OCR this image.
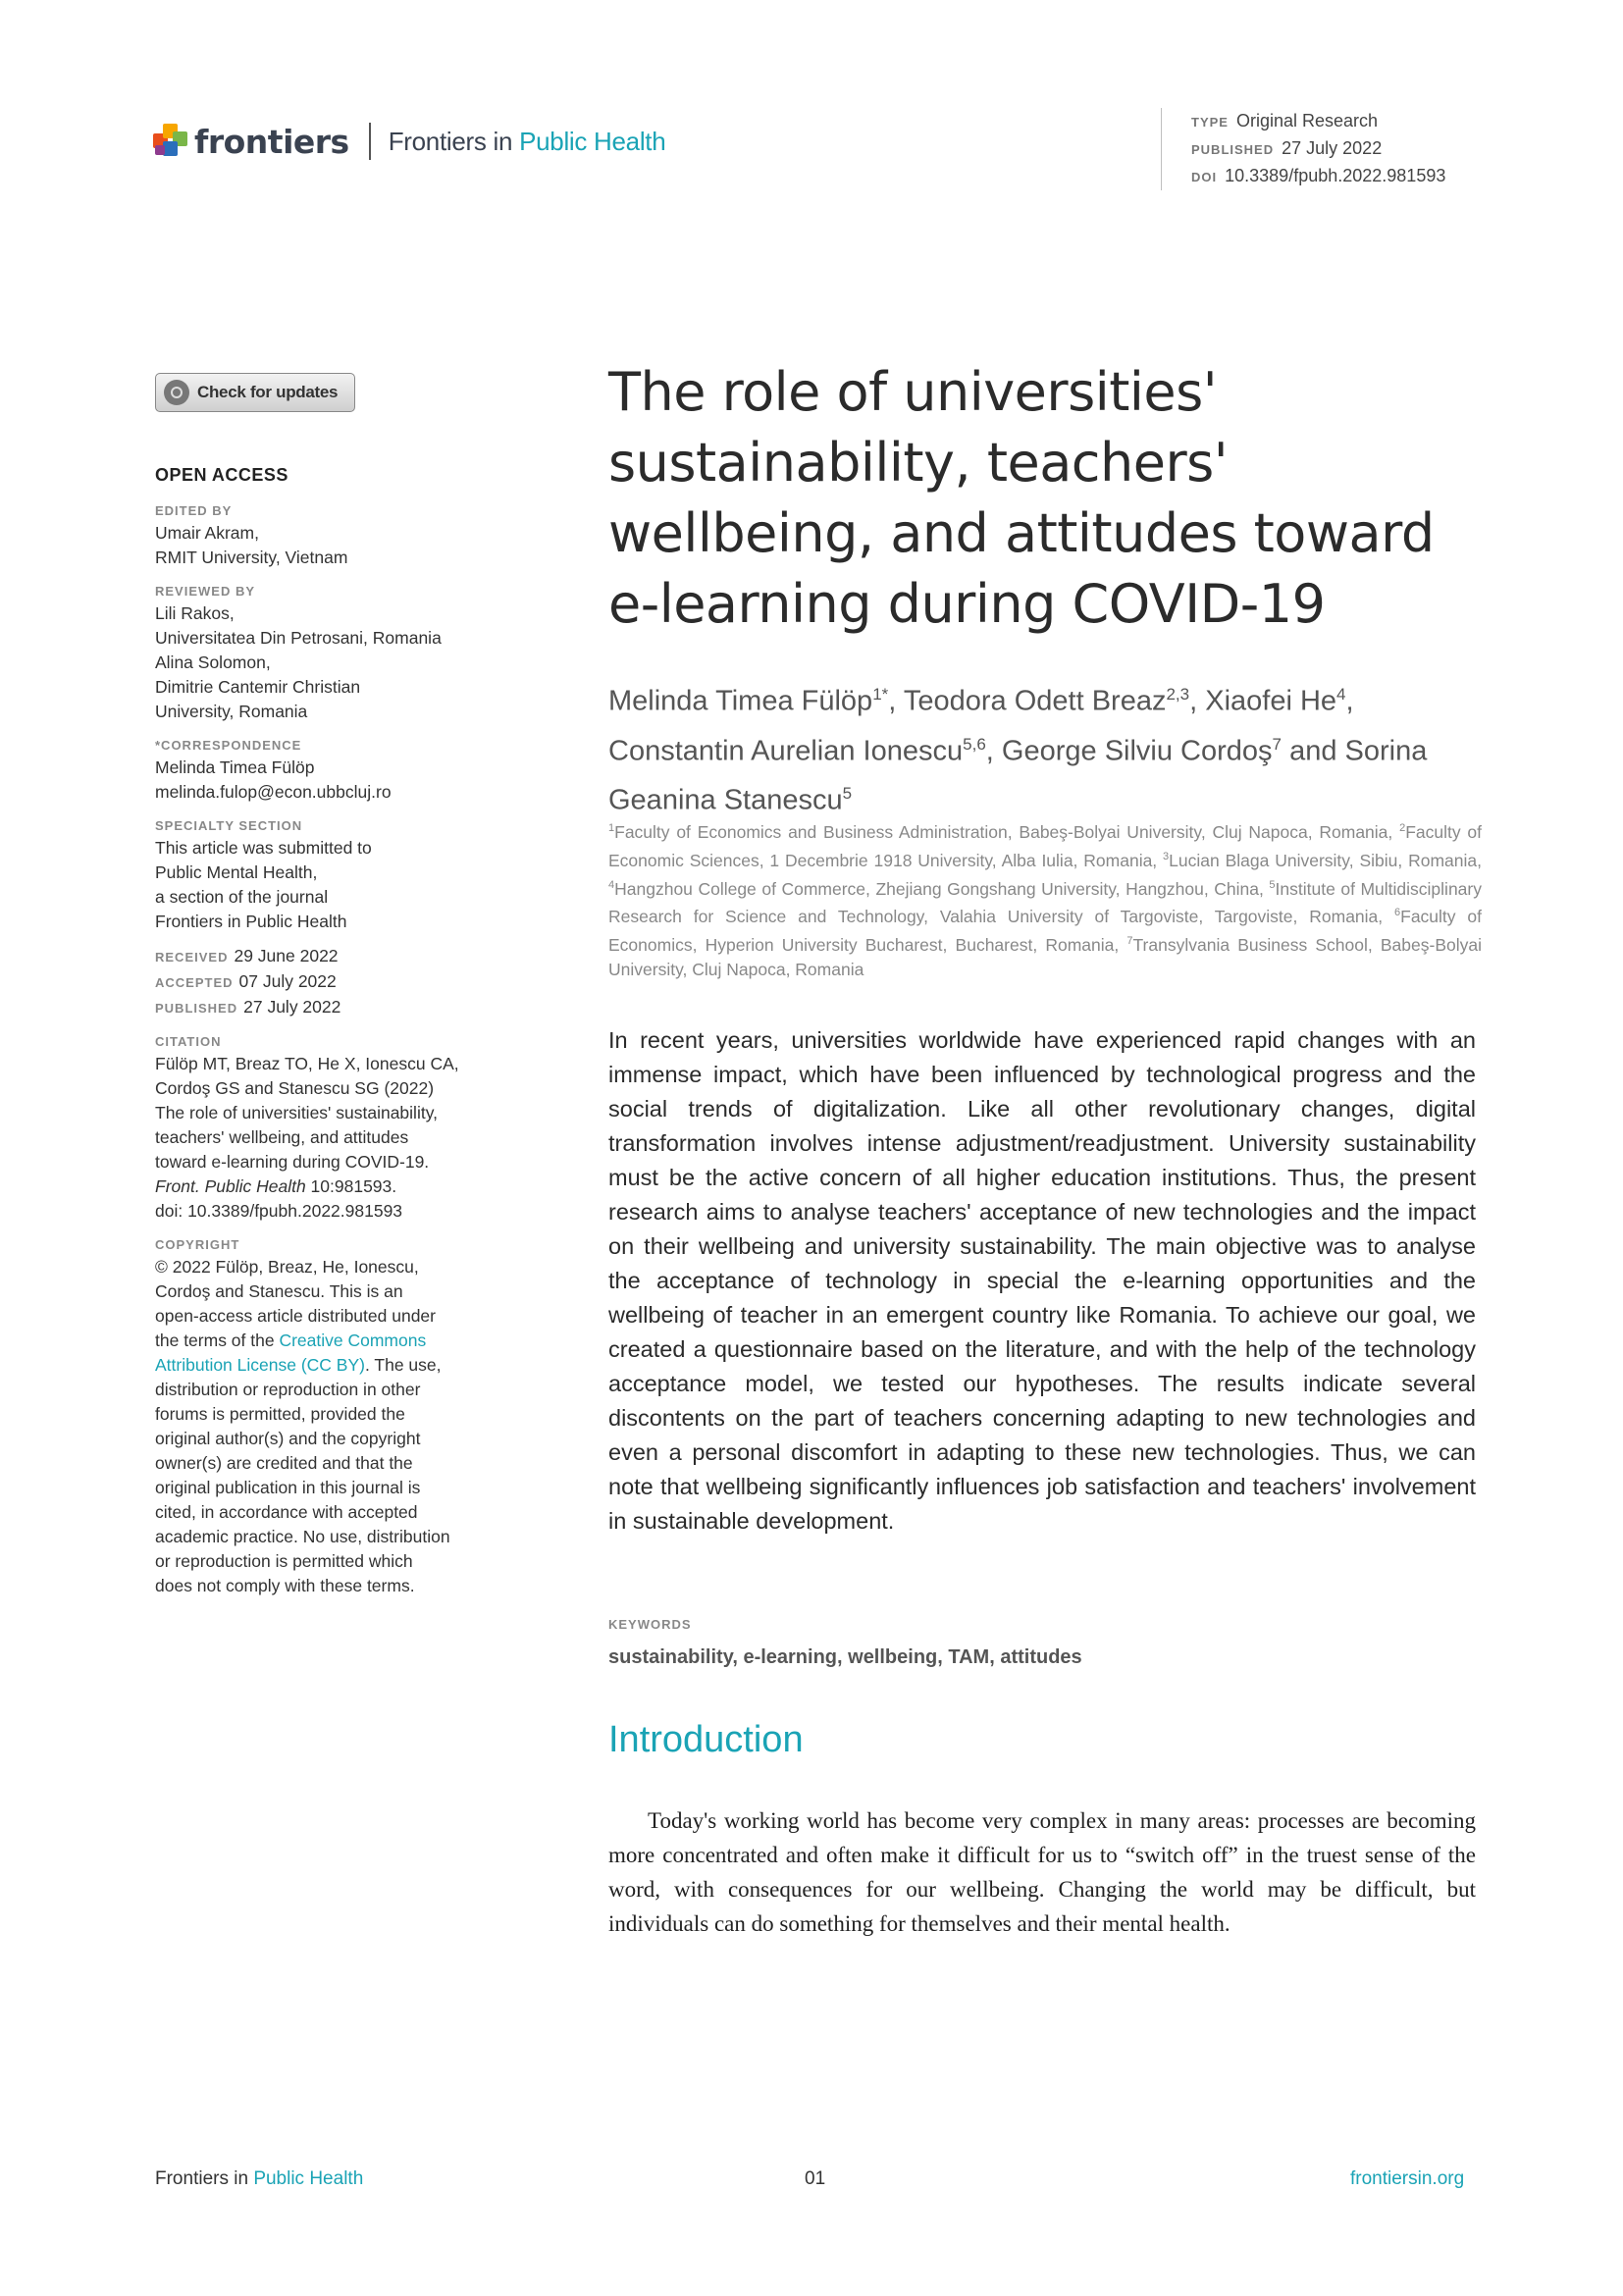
frontiers Frontiers in Public Health
TYPE Original Research
PUBLISHED 27 July 2022
DOI 10.3389/fpubh.2022.981593
Check for updates
OPEN ACCESS
EDITED BY
Umair Akram,
RMIT University, Vietnam
REVIEWED BY
Lili Rakos,
Universitatea Din Petrosani, Romania
Alina Solomon,
Dimitrie Cantemir Christian
University, Romania
*CORRESPONDENCE
Melinda Timea Fülöp
melinda.fulop@econ.ubbcluj.ro
SPECIALTY SECTION
This article was submitted to
Public Mental Health,
a section of the journal
Frontiers in Public Health
RECEIVED 29 June 2022
ACCEPTED 07 July 2022
PUBLISHED 27 July 2022
CITATION
Fülöp MT, Breaz TO, He X, Ionescu CA,
Cordoş GS and Stanescu SG (2022)
The role of universities' sustainability,
teachers' wellbeing, and attitudes
toward e-learning during COVID-19.
Front. Public Health 10:981593.
doi: 10.3389/fpubh.2022.981593
COPYRIGHT
© 2022 Fülöp, Breaz, He, Ionescu,
Cordoş and Stanescu. This is an
open-access article distributed under
the terms of the Creative Commons
Attribution License (CC BY). The use,
distribution or reproduction in other
forums is permitted, provided the
original author(s) and the copyright
owner(s) are credited and that the
original publication in this journal is
cited, in accordance with accepted
academic practice. No use, distribution
or reproduction is permitted which
does not comply with these terms.
The role of universities' sustainability, teachers' wellbeing, and attitudes toward e-learning during COVID-19
Melinda Timea Fülöp$^{1*}$, Teodora Odett Breaz$^{2,3}$, Xiaofei He$^4$, Constantin Aurelian Ionescu$^{5,6}$, George Silviu Cordoş$^7$ and Sorina Geanina Stanescu$^5$
$^1$Faculty of Economics and Business Administration, Babeş-Bolyai University, Cluj Napoca, Romania, $^2$Faculty of Economic Sciences, 1 Decembrie 1918 University, Alba Iulia, Romania, $^3$Lucian Blaga University, Sibiu, Romania, $^4$Hangzhou College of Commerce, Zhejiang Gongshang University, Hangzhou, China, $^5$Institute of Multidisciplinary Research for Science and Technology, Valahia University of Targoviste, Targoviste, Romania, $^6$Faculty of Economics, Hyperion University Bucharest, Bucharest, Romania, $^7$Transylvania Business School, Babeş-Bolyai University, Cluj Napoca, Romania
In recent years, universities worldwide have experienced rapid changes with an immense impact, which have been influenced by technological progress and the social trends of digitalization. Like all other revolutionary changes, digital transformation involves intense adjustment/readjustment. University sustainability must be the active concern of all higher education institutions. Thus, the present research aims to analyse teachers' acceptance of new technologies and the impact on their wellbeing and university sustainability. The main objective was to analyse the acceptance of technology in special the e-learning opportunities and the wellbeing of teacher in an emergent country like Romania. To achieve our goal, we created a questionnaire based on the literature, and with the help of the technology acceptance model, we tested our hypotheses. The results indicate several discontents on the part of teachers concerning adapting to new technologies and even a personal discomfort in adapting to these new technologies. Thus, we can note that wellbeing significantly influences job satisfaction and teachers' involvement in sustainable development.
KEYWORDS
sustainability, e-learning, wellbeing, TAM, attitudes
Introduction
Today's working world has become very complex in many areas: processes are becoming more concentrated and often make it difficult for us to “switch off” in the truest sense of the word, with consequences for our wellbeing. Changing the world may be difficult, but individuals can do something for themselves and their mental health.
Frontiers in Public Health	01	frontiersin.org
